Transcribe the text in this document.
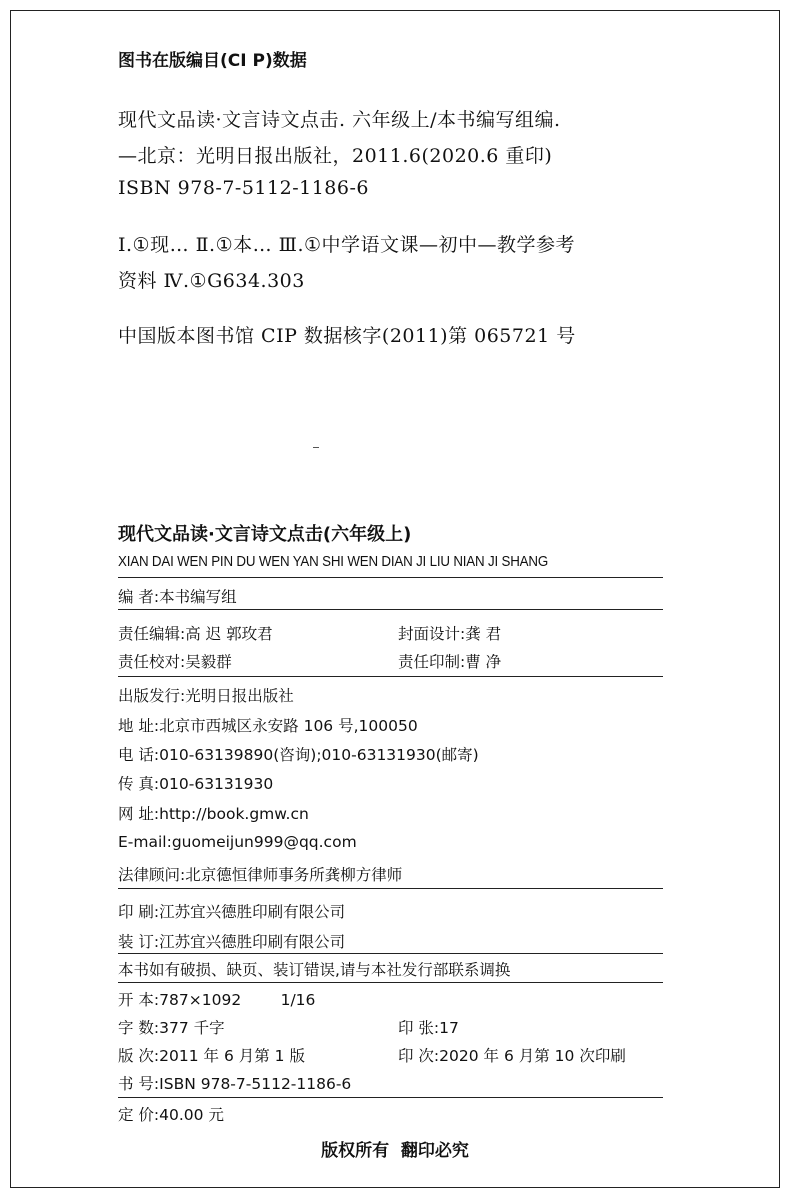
图书在版编目(CI P)数据
现代文品读·文言诗文点击. 六年级上/本书编写组编.
—北京：光明日报出版社，2011.6(2020.6 重印)
ISBN 978-7-5112-1186-6
I.①现… Ⅱ.①本… Ⅲ.①中学语文课—初中—教学参考
资料 Ⅳ.①G634.303
中国版本图书馆 CIP 数据核字(2011)第 065721 号
现代文品读·文言诗文点击(六年级上)
XIAN DAI WEN PIN DU WEN YAN SHI WEN DIAN JI LIU NIAN JI SHANG
编 者:本书编写组
责任编辑:高 迟 郭玫君	封面设计:龚 君
责任校对:吴毅群	责任印制:曹 净
出版发行:光明日报出版社
地 址:北京市西城区永安路 106 号,100050
电 话:010-63139890(咨询);010-63131930(邮寄)
传 真:010-63131930
网 址:http://book.gmw.cn
E-mail:guomeijun999@qq.com
法律顾问:北京德恒律师事务所龚柳方律师
印 刷:江苏宜兴德胜印刷有限公司
装 订:江苏宜兴德胜印刷有限公司
本书如有破损、缺页、装订错误,请与本社发行部联系调换
开 本:787×1092        1/16
字 数:377 千字	印 张:17
版 次:2011 年 6 月第 1 版	印 次:2020 年 6 月第 10 次印刷
书 号:ISBN 978-7-5112-1186-6
定 价:40.00 元
版权所有  翻印必究
